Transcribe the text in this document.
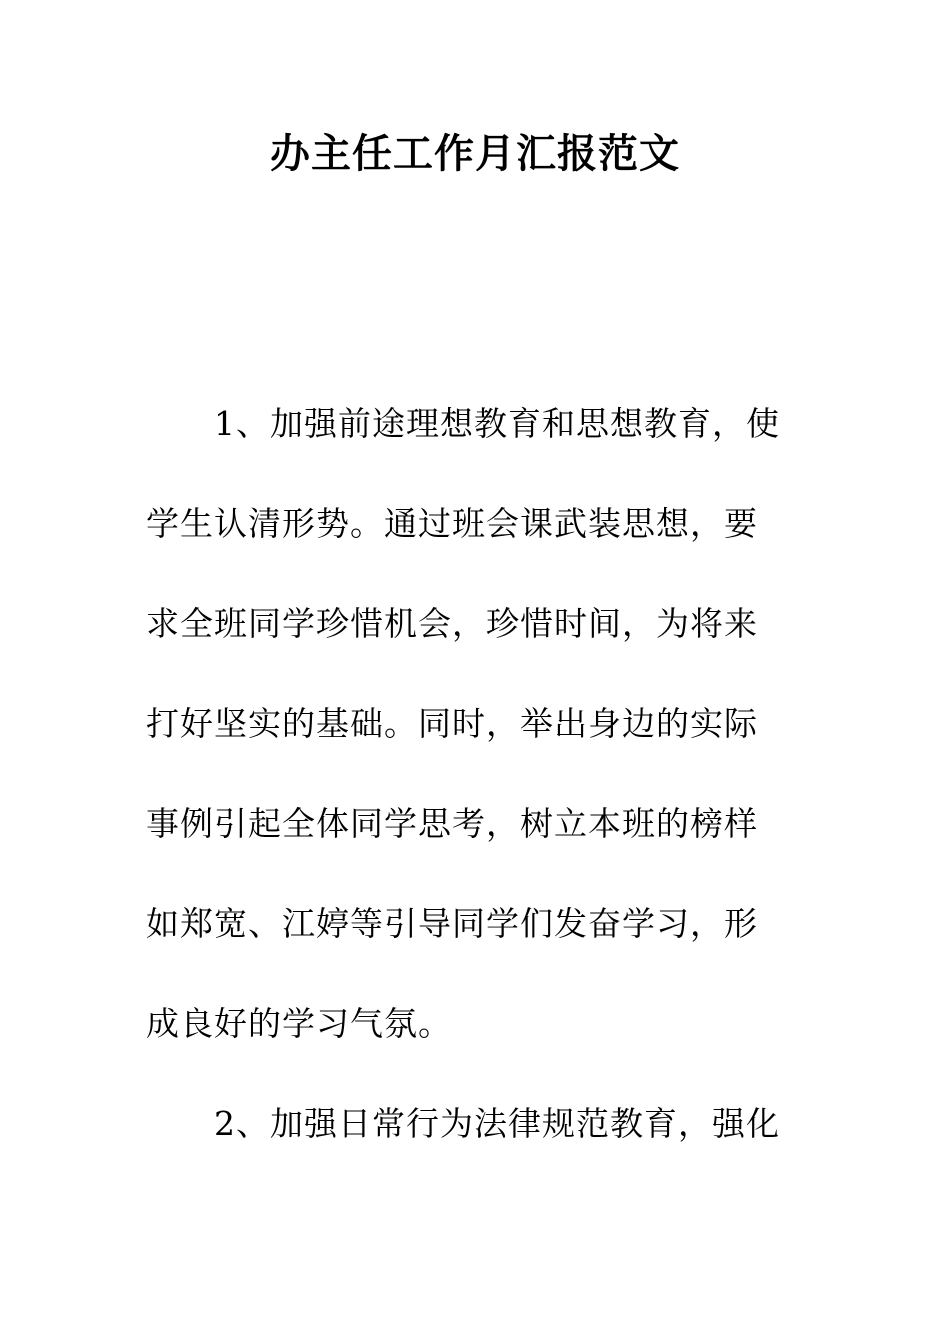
办主任工作月汇报范文
1、加强前途理想教育和思想教育，使
学生认清形势。通过班会课武装思想，要
求全班同学珍惜机会，珍惜时间，为将来
打好坚实的基础。同时，举出身边的实际
事例引起全体同学思考，树立本班的榜样
如郑宽、江婷等引导同学们发奋学习，形
成良好的学习气氛。
2、加强日常行为法律规范教育，强化
